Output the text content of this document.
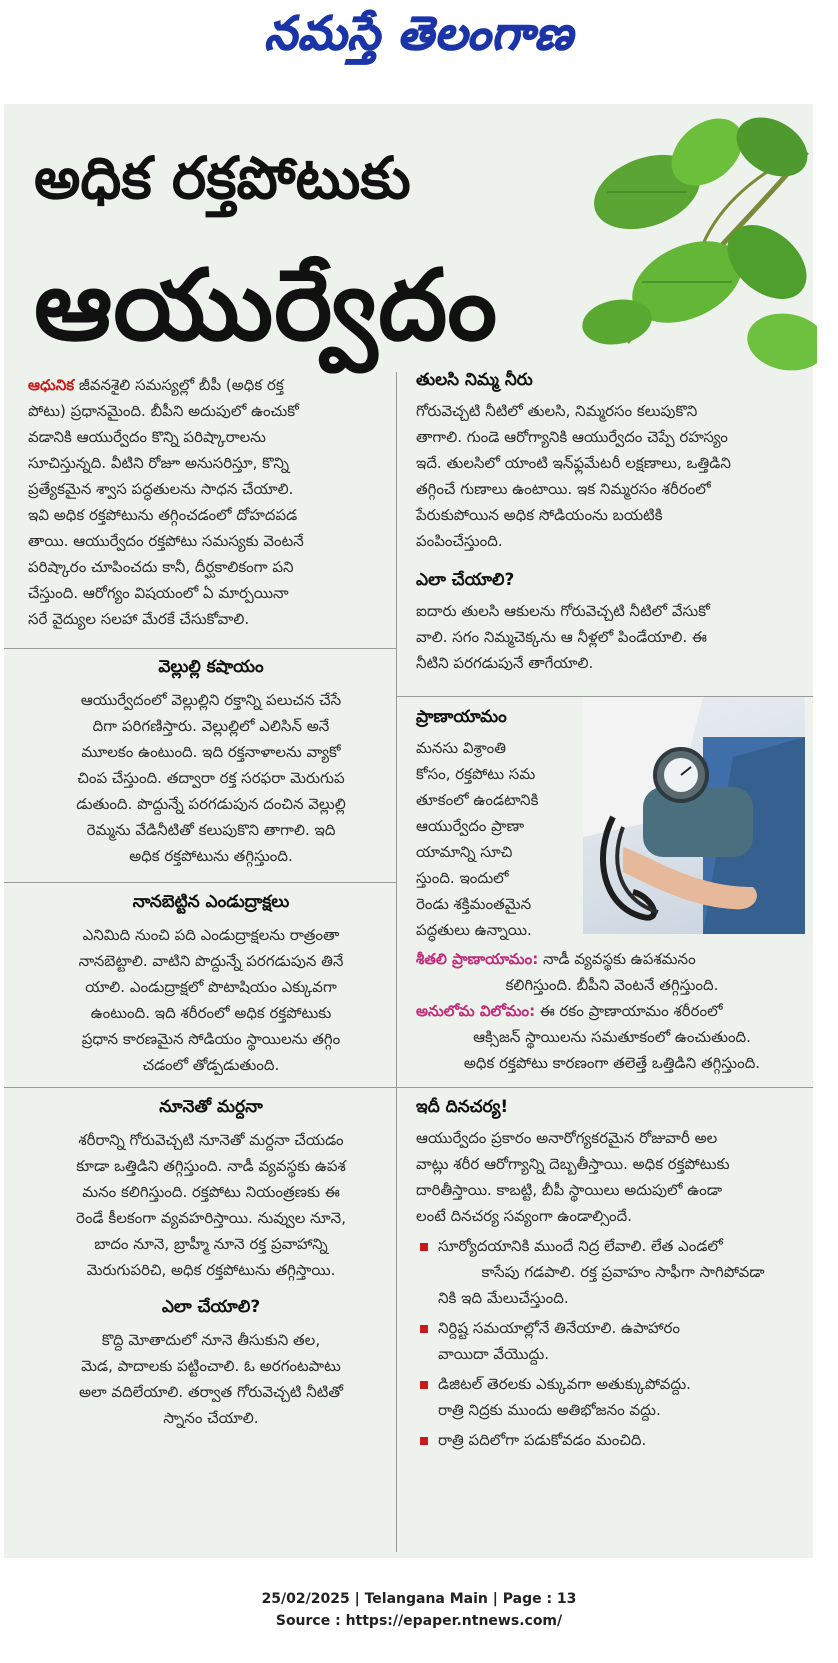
నమస్తే తెలంగాణ
అధిక రక్తపోటుకు
ఆయుర్వేదం

ఆధునిక జీవనశైలి సమస్యల్లో బీపీ (అధిక రక్త

పోటు) ప్రధానమైంది. బీపీని అదుపులో ఉంచుకో

వడానికి ఆయుర్వేదం కొన్ని పరిష్కారాలను

సూచిస్తున్నది. వీటిని రోజూ అనుసరిస్తూ, కొన్ని

ప్రత్యేకమైన శ్వాస పద్ధతులను సాధన చేయాలి.

ఇవి అధిక రక్తపోటును తగ్గించడంలో దోహదపడ

తాయి. ఆయుర్వేదం రక్తపోటు సమస్యకు వెంటనే

పరిష్కారం చూపించదు కానీ, దీర్ఘకాలికంగా పని

చేస్తుంది. ఆరోగ్యం విషయంలో ఏ మార్పయినా

సరే వైద్యుల సలహా మేరకే చేసుకోవాలి.

వెల్లుల్లి కషాయం

ఆయుర్వేదంలో వెల్లుల్లిని రక్తాన్ని పలుచన చేసే

దిగా పరిగణిస్తారు. వెల్లుల్లిలో ఎలిసిన్ అనే

మూలకం ఉంటుంది. ఇది రక్తనాళాలను వ్యాకో

చింప చేస్తుంది. తద్వారా రక్త సరఫరా మెరుగుప

డుతుంది. పొద్దున్నే పరగడుపున దంచిన వెల్లుల్లి

రెమ్మను వేడినీటితో కలుపుకొని తాగాలి. ఇది

అధిక రక్తపోటును తగ్గిస్తుంది.

నానబెట్టిన ఎండుద్రాక్షలు

ఎనిమిది నుంచి పది ఎండుద్రాక్షలను రాత్రంతా

నానబెట్టాలి. వాటిని పొద్దున్నే పరగడుపున తినే

యాలి. ఎండుద్రాక్షలో పొటాషియం ఎక్కువగా

ఉంటుంది. ఇది శరీరంలో అధిక రక్తపోటుకు

ప్రధాన కారణమైన సోడియం స్థాయిలను తగ్గిం

చడంలో తోడ్పడుతుంది.

నూనెతో మర్దనా

శరీరాన్ని గోరువెచ్చటి నూనెతో మర్దనా చేయడం

కూడా ఒత్తిడిని తగ్గిస్తుంది. నాడీ వ్యవస్థకు ఉపశ

మనం కలిగిస్తుంది. రక్తపోటు నియంత్రణకు ఈ

రెండే కీలకంగా వ్యవహరిస్తాయి. నువ్వుల నూనె,

బాదం నూనె, బ్రాహ్మీ నూనె రక్త ప్రవాహాన్ని

మెరుగుపరిచి, అధిక రక్తపోటును తగ్గిస్తాయి.

ఎలా చేయాలి?

కొద్ది మోతాదులో నూనె తీసుకుని తల,

మెడ, పాదాలకు పట్టించాలి. ఓ అరగంటపాటు

అలా వదిలేయాలి. తర్వాత గోరువెచ్చటి నీటితో

స్నానం చేయాలి.

తులసి నిమ్మ నీరు

గోరువెచ్చటి నీటిలో తులసి, నిమ్మరసం కలుపుకొని

తాగాలి. గుండె ఆరోగ్యానికి ఆయుర్వేదం చెప్పే రహస్యం

ఇదే. తులసిలో యాంటి ఇన్‌ఫ్లమేటరీ లక్షణాలు, ఒత్తిడిని

తగ్గించే గుణాలు ఉంటాయి. ఇక నిమ్మరసం శరీరంలో

పేరుకుపోయిన అధిక సోడియంను బయటికి

పంపించేస్తుంది.

ఎలా చేయాలి?

ఐదారు తులసి ఆకులను గోరువెచ్చటి నీటిలో వేసుకో

వాలి. సగం నిమ్మచెక్కను ఆ నీళ్లలో పిండేయాలి. ఈ

నీటిని పరగడుపునే తాగేయాలి.

ప్రాణాయామం

మనసు విశ్రాంతి

కోసం, రక్తపోటు సమ

తూకంలో ఉండటానికి

ఆయుర్వేదం ప్రాణా

యామాన్ని సూచి

స్తుంది. ఇందులో

రెండు శక్తిమంతమైన

పద్ధతులు ఉన్నాయి.

శీతలి ప్రాణాయామం: నాడీ వ్యవస్థకు ఉపశమనం

కలిగిస్తుంది. బీపీని వెంటనే తగ్గిస్తుంది.

అనులోమ విలోమం: ఈ రకం ప్రాణాయామం శరీరంలో

ఆక్సిజన్ స్థాయిలను సమతూకంలో ఉంచుతుంది.

అధిక రక్తపోటు కారణంగా తలెత్తే ఒత్తిడిని తగ్గిస్తుంది.

ఇదీ దినచర్య!

ఆయుర్వేదం ప్రకారం అనారోగ్యకరమైన రోజువారీ అల

వాట్లు శరీర ఆరోగ్యాన్ని దెబ్బతీస్తాయి. అధిక రక్తపోటుకు

దారితీస్తాయి. కాబట్టి, బీపీ స్థాయిలు అదుపులో ఉండా

లంటే దినచర్య సవ్యంగా ఉండాల్సిందే.

సూర్యోదయానికి ముందే నిద్ర లేవాలి. లేత ఎండలో
కాసేపు గడపాలి. రక్త ప్రవాహం సాఫీగా సాగిపోవడా
నికి ఇది మేలుచేస్తుంది.
నిర్దిష్ట సమయాల్లోనే తినేయాలి. ఉపాహారం
వాయిదా వేయొద్దు.
డిజిటల్ తెరలకు ఎక్కువగా అతుక్కుపోవద్దు.
రాత్రి నిద్రకు ముందు అతిభోజనం వద్దు.
రాత్రి పదిలోగా పడుకోవడం మంచిది.
25/02/2025 | Telangana Main | Page : 13
Source : https://epaper.ntnews.com/
